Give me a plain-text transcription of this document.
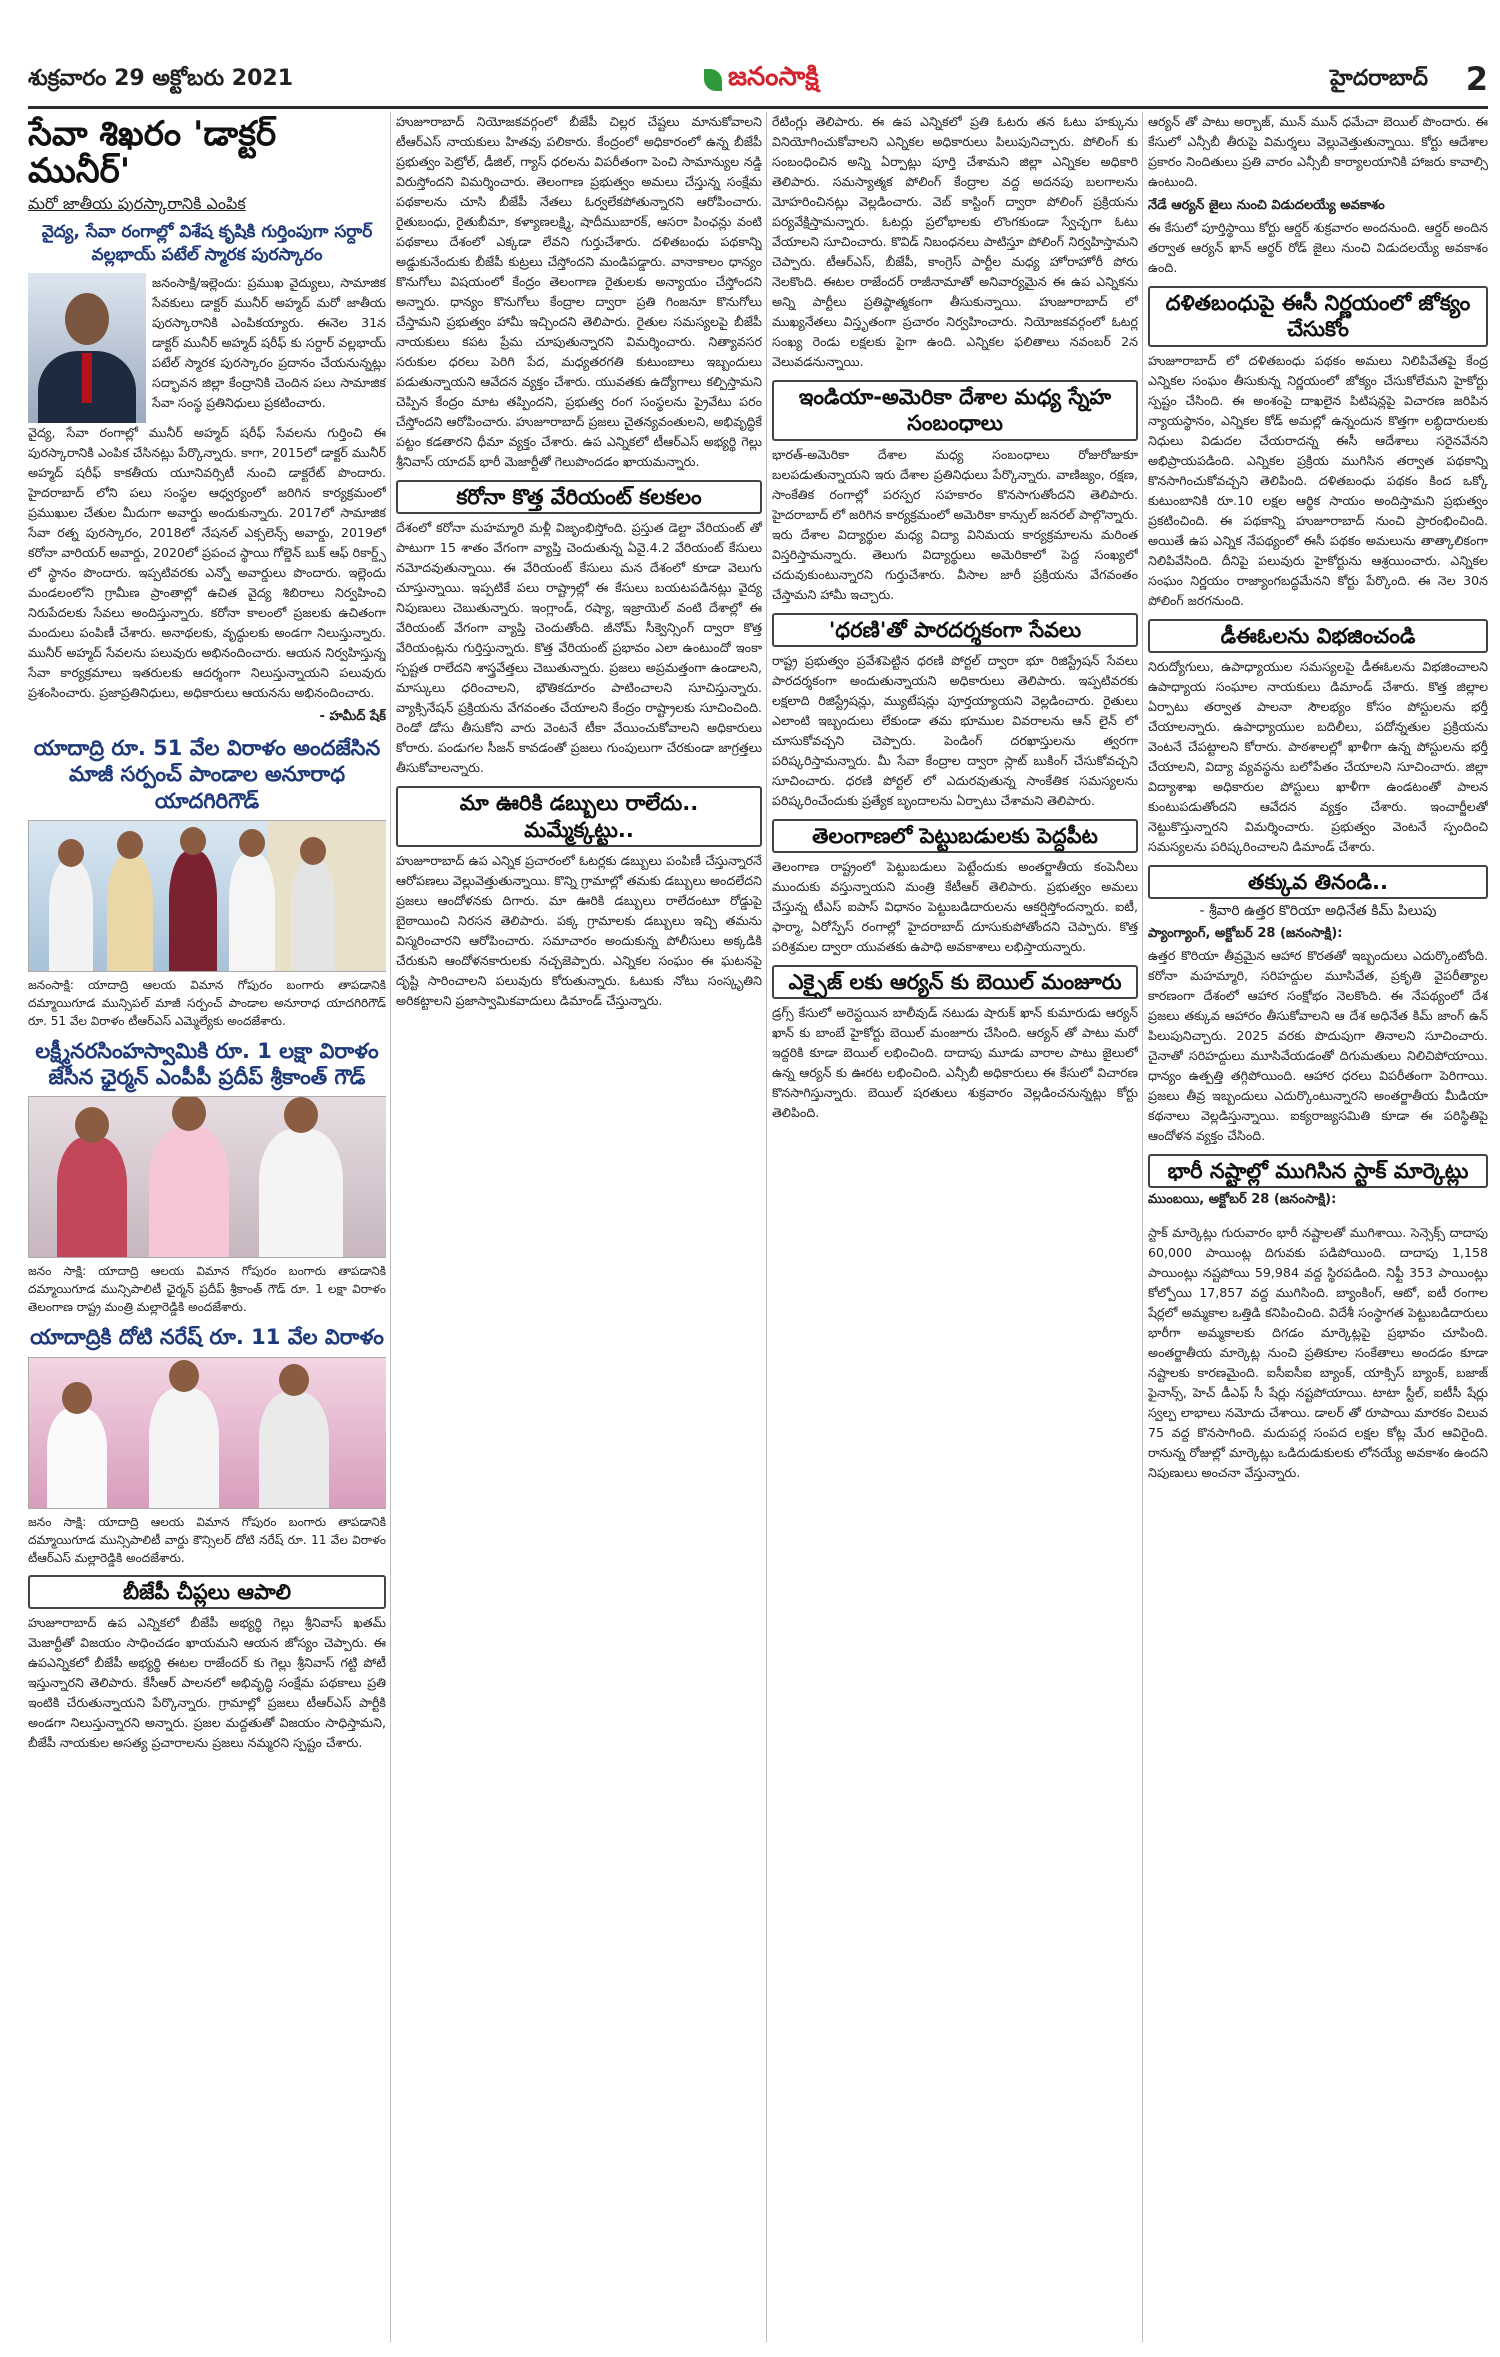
శుక్రవారం 29 అక్టోబరు 2021	జనంసాక్షి	హైదరాబాద్ 2
సేవా శిఖరం 'డాక్టర్ మునీర్'
మరో జాతీయ పురస్కారానికి ఎంపిక
వైద్య, సేవా రంగాల్లో విశేష కృషికి గుర్తింపుగా సర్దార్ వల్లభాయ్ పటేల్ స్మారక పురస్కారం
జనంసాక్షి/ఇల్లెందు: ప్రముఖ వైద్యులు, సామాజిక సేవకులు డాక్టర్ మునీర్ అహ్మద్ మరో జాతీయ పురస్కారానికి ఎంపికయ్యారు. ఈనెల 31న డాక్టర్ మునీర్ అహ్మద్ షరీఫ్ కు సర్దార్ వల్లభాయ్ పటేల్ స్మారక పురస్కారం ప్రదానం చేయనున్నట్లు సద్భావన జిల్లా కేంద్రానికి చెందిన పలు సామాజిక సేవా సంస్థ ప్రతినిధులు ప్రకటించారు.

వైద్య, సేవా రంగాల్లో మునీర్ అహ్మద్ షరీఫ్ సేవలను గుర్తించి ఈ పురస్కారానికి ఎంపిక చేసినట్లు పేర్కొన్నారు. కాగా, 2015లో డాక్టర్ మునీర్ అహ్మద్ షరీఫ్ కాకతీయ యూనివర్సిటీ నుంచి డాక్టరేట్ పొందారు. హైదరాబాద్ లోని పలు సంస్థల ఆధ్వర్యంలో జరిగిన కార్యక్రమంలో ప్రముఖుల చేతుల మీదుగా అవార్డు అందుకున్నారు. 2017లో సామాజిక సేవా రత్న పురస్కారం, 2018లో నేషనల్ ఎక్సలెన్స్ అవార్డు, 2019లో కరోనా వారియర్ అవార్డు, 2020లో ప్రపంచ స్థాయి గోల్డెన్ బుక్ ఆఫ్ రికార్డ్స్ లో స్థానం పొందారు. ఇప్పటివరకు ఎన్నో అవార్డులు పొందారు. ఇల్లెందు మండలంలోని గ్రామీణ ప్రాంతాల్లో ఉచిత వైద్య శిబిరాలు నిర్వహించి నిరుపేదలకు సేవలు అందిస్తున్నారు. కరోనా కాలంలో ప్రజలకు ఉచితంగా మందులు పంపిణీ చేశారు. అనాథలకు, వృద్ధులకు అండగా నిలుస్తున్నారు. మునీర్ అహ్మద్ సేవలను పలువురు అభినందించారు. ఆయన నిర్వహిస్తున్న సేవా కార్యక్రమాలు ఇతరులకు ఆదర్శంగా నిలుస్తున్నాయని పలువురు ప్రశంసించారు. ప్రజాప్రతినిధులు, అధికారులు ఆయనను అభినందించారు.

- హమీద్ షేక్
యాదాద్రి రూ. 51 వేల విరాళం అందజేసిన మాజీ సర్పంచ్ పాండాల అనూరాధ యాదగిరిగౌడ్

జనంసాక్షి: యాదాద్రి ఆలయ విమాన గోపురం బంగారు తాపడానికి దమ్మాయిగూడ మున్సిపల్ మాజీ సర్పంచ్ పాండాల అనూరాధ యాదగిరిగౌడ్ రూ. 51 వేల విరాళం టీఆర్ఎస్ ఎమ్మెల్యేకు అందజేశారు.

లక్ష్మీనరసింహస్వామికి రూ. 1 లక్షా విరాళం జేసిన ఛైర్మన్ ఎంపీపీ ప్రదీప్ శ్రీకాంత్ గౌడ్

జనం సాక్షి: యాదాద్రి ఆలయ విమాన గోపురం బంగారు తాపడానికి దమ్మాయిగూడ మున్సిపాలిటీ ఛైర్మన్ ప్రదీప్ శ్రీకాంత్ గౌడ్ రూ. 1 లక్షా విరాళం తెలంగాణ రాష్ట్ర మంత్రి మల్లారెడ్డికి అందజేశారు.

యాదాద్రికి దోటి నరేష్ రూ. 11 వేల విరాళం

జనం సాక్షి: యాదాద్రి ఆలయ విమాన గోపురం బంగారు తాపడానికి దమ్మాయిగూడ మున్సిపాలిటీ వార్డు కౌన్సిలర్ దోటి నరేష్ రూ. 11 వేల విరాళం టీఆర్ఎస్ మల్లారెడ్డికి అందజేశారు.

బీజేపీ చీప్లలు ఆపాలి

హుజూరాబాద్ ఉప ఎన్నికలో బీజేపీ అభ్యర్థి గెల్లు శ్రీనివాస్ ఖతమ్ మెజార్టీతో విజయం సాధించడం ఖాయమని ఆయన జోస్యం చెప్పారు. ఈ ఉపఎన్నికలో బీజేపీ అభ్యర్థి ఈటల రాజేందర్ కు గెల్లు శ్రీనివాస్ గట్టి పోటీ ఇస్తున్నారని తెలిపారు. కేసీఆర్ పాలనలో అభివృద్ధి సంక్షేమ పథకాలు ప్రతి ఇంటికి చేరుతున్నాయని పేర్కొన్నారు. గ్రామాల్లో ప్రజలు టీఆర్ఎస్ పార్టీకి అండగా నిలుస్తున్నారని అన్నారు. ప్రజల మద్దతుతో విజయం సాధిస్తామని, బీజేపీ నాయకుల అసత్య ప్రచారాలను ప్రజలు నమ్మరని స్పష్టం చేశారు.

హుజూరాబాద్ నియోజకవర్గంలో బీజేపీ చిల్లర చేష్టలు మానుకోవాలని టీఆర్ఎస్ నాయకులు హితవు పలికారు. కేంద్రంలో అధికారంలో ఉన్న బీజేపీ ప్రభుత్వం పెట్రోల్, డీజిల్, గ్యాస్ ధరలను విపరీతంగా పెంచి సామాన్యుల నడ్డి విరుస్తోందని విమర్శించారు. తెలంగాణ ప్రభుత్వం అమలు చేస్తున్న సంక్షేమ పథకాలను చూసి బీజేపీ నేతలు ఓర్వలేకపోతున్నారని ఆరోపించారు. రైతుబంధు, రైతుబీమా, కళ్యాణలక్ష్మి, షాదీముబారక్, ఆసరా పింఛన్లు వంటి పథకాలు దేశంలో ఎక్కడా లేవని గుర్తుచేశారు. దళితబంధు పథకాన్ని అడ్డుకునేందుకు బీజేపీ కుట్రలు చేస్తోందని మండిపడ్డారు. వానాకాలం ధాన్యం కొనుగోలు విషయంలో కేంద్రం తెలంగాణ రైతులకు అన్యాయం చేస్తోందని అన్నారు. ధాన్యం కొనుగోలు కేంద్రాల ద్వారా ప్రతి గింజనూ కొనుగోలు చేస్తామని ప్రభుత్వం హామీ ఇచ్చిందని తెలిపారు. రైతుల సమస్యలపై బీజేపీ నాయకులు కపట ప్రేమ చూపుతున్నారని విమర్శించారు. నిత్యావసర సరుకుల ధరలు పెరిగి పేద, మధ్యతరగతి కుటుంబాలు ఇబ్బందులు పడుతున్నాయని ఆవేదన వ్యక్తం చేశారు. యువతకు ఉద్యోగాలు కల్పిస్తామని చెప్పిన కేంద్రం మాట తప్పిందని, ప్రభుత్వ రంగ సంస్థలను ప్రైవేటు పరం చేస్తోందని ఆరోపించారు. హుజూరాబాద్ ప్రజలు చైతన్యవంతులని, అభివృద్ధికే పట్టం కడతారని ధీమా వ్యక్తం చేశారు. ఉప ఎన్నికలో టీఆర్ఎస్ అభ్యర్థి గెల్లు శ్రీనివాస్ యాదవ్ భారీ మెజార్టీతో గెలుపొందడం ఖాయమన్నారు.

కరోనా కొత్త వేరియంట్ కలకలం

దేశంలో కరోనా మహమ్మారి మళ్లీ విజృంభిస్తోంది. ప్రస్తుత డెల్టా వేరియంట్ తో పాటుగా 15 శాతం వేగంగా వ్యాప్తి చెందుతున్న ఏవై.4.2 వేరియంట్ కేసులు నమోదవుతున్నాయి. ఈ వేరియంట్ కేసులు మన దేశంలో కూడా వెలుగు చూస్తున్నాయి. ఇప్పటికే పలు రాష్ట్రాల్లో ఈ కేసులు బయటపడినట్లు వైద్య నిపుణులు చెబుతున్నారు. ఇంగ్లాండ్, రష్యా, ఇజ్రాయెల్ వంటి దేశాల్లో ఈ వేరియంట్ వేగంగా వ్యాప్తి చెందుతోంది. జీనోమ్ సీక్వెన్సింగ్ ద్వారా కొత్త వేరియంట్లను గుర్తిస్తున్నారు. కొత్త వేరియంట్ ప్రభావం ఎలా ఉంటుందో ఇంకా స్పష్టత రాలేదని శాస్త్రవేత్తలు చెబుతున్నారు. ప్రజలు అప్రమత్తంగా ఉండాలని, మాస్కులు ధరించాలని, భౌతికదూరం పాటించాలని సూచిస్తున్నారు. వ్యాక్సినేషన్ ప్రక్రియను వేగవంతం చేయాలని కేంద్రం రాష్ట్రాలకు సూచించింది. రెండో డోసు తీసుకోని వారు వెంటనే టీకా వేయించుకోవాలని అధికారులు కోరారు. పండుగల సీజన్ కావడంతో ప్రజలు గుంపులుగా చేరకుండా జాగ్రత్తలు తీసుకోవాలన్నారు.

మా ఊరికి డబ్బులు రాలేదు.. మమ్మేక్కట్టు..

హుజూరాబాద్ ఉప ఎన్నిక ప్రచారంలో ఓటర్లకు డబ్బులు పంపిణీ చేస్తున్నారనే ఆరోపణలు వెల్లువెత్తుతున్నాయి. కొన్ని గ్రామాల్లో తమకు డబ్బులు అందలేదని ప్రజలు ఆందోళనకు దిగారు. మా ఊరికి డబ్బులు రాలేదంటూ రోడ్డుపై బైఠాయించి నిరసన తెలిపారు. పక్క గ్రామాలకు డబ్బులు ఇచ్చి తమను విస్మరించారని ఆరోపించారు. సమాచారం అందుకున్న పోలీసులు అక్కడికి చేరుకుని ఆందోళనకారులకు నచ్చజెప్పారు. ఎన్నికల సంఘం ఈ ఘటనపై దృష్టి సారించాలని పలువురు కోరుతున్నారు. ఓటుకు నోటు సంస్కృతిని అరికట్టాలని ప్రజాస్వామికవాదులు డిమాండ్ చేస్తున్నారు.

రేటింగ్లు తెలిపారు. ఈ ఉప ఎన్నికలో ప్రతి ఓటరు తన ఓటు హక్కును వినియోగించుకోవాలని ఎన్నికల అధికారులు పిలుపునిచ్చారు. పోలింగ్ కు సంబంధించిన అన్ని ఏర్పాట్లు పూర్తి చేశామని జిల్లా ఎన్నికల అధికారి తెలిపారు. సమస్యాత్మక పోలింగ్ కేంద్రాల వద్ద అదనపు బలగాలను మోహరించినట్లు వెల్లడించారు. వెబ్ కాస్టింగ్ ద్వారా పోలింగ్ ప్రక్రియను పర్యవేక్షిస్తామన్నారు. ఓటర్లు ప్రలోభాలకు లొంగకుండా స్వేచ్ఛగా ఓటు వేయాలని సూచించారు. కొవిడ్ నిబంధనలు పాటిస్తూ పోలింగ్ నిర్వహిస్తామని చెప్పారు. టీఆర్ఎస్, బీజేపీ, కాంగ్రెస్ పార్టీల మధ్య హోరాహోరీ పోరు నెలకొంది. ఈటల రాజేందర్ రాజీనామాతో అనివార్యమైన ఈ ఉప ఎన్నికను అన్ని పార్టీలు ప్రతిష్ఠాత్మకంగా తీసుకున్నాయి. హుజూరాబాద్ లో ముఖ్యనేతలు విస్తృతంగా ప్రచారం నిర్వహించారు. నియోజకవర్గంలో ఓటర్ల సంఖ్య రెండు లక్షలకు పైగా ఉంది. ఎన్నికల ఫలితాలు నవంబర్ 2న వెలువడనున్నాయి.

ఇండియా-అమెరికా దేశాల మధ్య స్నేహ సంబంధాలు

భారత్-అమెరికా దేశాల మధ్య సంబంధాలు రోజురోజుకూ బలపడుతున్నాయని ఇరు దేశాల ప్రతినిధులు పేర్కొన్నారు. వాణిజ్యం, రక్షణ, సాంకేతిక రంగాల్లో పరస్పర సహకారం కొనసాగుతోందని తెలిపారు. హైదరాబాద్ లో జరిగిన కార్యక్రమంలో అమెరికా కాన్సుల్ జనరల్ పాల్గొన్నారు. ఇరు దేశాల విద్యార్థుల మధ్య విద్యా వినిమయ కార్యక్రమాలను మరింత విస్తరిస్తామన్నారు. తెలుగు విద్యార్థులు అమెరికాలో పెద్ద సంఖ్యలో చదువుకుంటున్నారని గుర్తుచేశారు. వీసాల జారీ ప్రక్రియను వేగవంతం చేస్తామని హామీ ఇచ్చారు.

'ధరణి'తో పారదర్శకంగా సేవలు

రాష్ట్ర ప్రభుత్వం ప్రవేశపెట్టిన ధరణి పోర్టల్ ద్వారా భూ రిజిస్ట్రేషన్ సేవలు పారదర్శకంగా అందుతున్నాయని అధికారులు తెలిపారు. ఇప్పటివరకు లక్షలాది రిజిస్ట్రేషన్లు, మ్యుటేషన్లు పూర్తయ్యాయని వెల్లడించారు. రైతులు ఎలాంటి ఇబ్బందులు లేకుండా తమ భూముల వివరాలను ఆన్ లైన్ లో చూసుకోవచ్చని చెప్పారు. పెండింగ్ దరఖాస్తులను త్వరగా పరిష్కరిస్తామన్నారు. మీ సేవా కేంద్రాల ద్వారా స్లాట్ బుకింగ్ చేసుకోవచ్చని సూచించారు. ధరణి పోర్టల్ లో ఎదురవుతున్న సాంకేతిక సమస్యలను పరిష్కరించేందుకు ప్రత్యేక బృందాలను ఏర్పాటు చేశామని తెలిపారు.

తెలంగాణలో పెట్టుబడులకు పెద్దపీట

తెలంగాణ రాష్ట్రంలో పెట్టుబడులు పెట్టేందుకు అంతర్జాతీయ కంపెనీలు ముందుకు వస్తున్నాయని మంత్రి కేటీఆర్ తెలిపారు. ప్రభుత్వం అమలు చేస్తున్న టీఎస్ ఐపాస్ విధానం పెట్టుబడిదారులను ఆకర్షిస్తోందన్నారు. ఐటీ, ఫార్మా, ఏరోస్పేస్ రంగాల్లో హైదరాబాద్ దూసుకుపోతోందని చెప్పారు. కొత్త పరిశ్రమల ద్వారా యువతకు ఉపాధి అవకాశాలు లభిస్తాయన్నారు.

ఎక్సైజ్ లకు ఆర్యన్ కు బెయిల్ మంజూరు

డ్రగ్స్ కేసులో అరెస్టయిన బాలీవుడ్ నటుడు షారుక్ ఖాన్ కుమారుడు ఆర్యన్ ఖాన్ కు బాంబే హైకోర్టు బెయిల్ మంజూరు చేసింది. ఆర్యన్ తో పాటు మరో ఇద్దరికి కూడా బెయిల్ లభించింది. దాదాపు మూడు వారాల పాటు జైలులో ఉన్న ఆర్యన్ కు ఊరట లభించింది. ఎన్సీబీ అధికారులు ఈ కేసులో విచారణ కొనసాగిస్తున్నారు. బెయిల్ షరతులు శుక్రవారం వెల్లడించనున్నట్లు కోర్టు తెలిపింది.

ఆర్యన్ తో పాటు అర్బాజ్, మున్ మున్ ధమేచా బెయిల్ పొందారు. ఈ కేసులో ఎన్సీబీ తీరుపై విమర్శలు వెల్లువెత్తుతున్నాయి. కోర్టు ఆదేశాల ప్రకారం నిందితులు ప్రతి వారం ఎన్సీబీ కార్యాలయానికి హాజరు కావాల్సి ఉంటుంది.

నేడే ఆర్యన్ జైలు నుంచి విడుదలయ్యే అవకాశం

ఈ కేసులో పూర్తిస్థాయి కోర్టు ఆర్డర్ శుక్రవారం అందనుంది. ఆర్డర్ అందిన తర్వాత ఆర్యన్ ఖాన్ ఆర్థర్ రోడ్ జైలు నుంచి విడుదలయ్యే అవకాశం ఉంది.

దళితబంధుపై ఈసీ నిర్ణయంలో జోక్యం చేసుకోం

హుజూరాబాద్ లో దళితబంధు పథకం అమలు నిలిపివేతపై కేంద్ర ఎన్నికల సంఘం తీసుకున్న నిర్ణయంలో జోక్యం చేసుకోలేమని హైకోర్టు స్పష్టం చేసింది. ఈ అంశంపై దాఖలైన పిటిషన్లపై విచారణ జరిపిన న్యాయస్థానం, ఎన్నికల కోడ్ అమల్లో ఉన్నందున కొత్తగా లబ్ధిదారులకు నిధులు విడుదల చేయరాదన్న ఈసీ ఆదేశాలు సరైనవేనని అభిప్రాయపడింది. ఎన్నికల ప్రక్రియ ముగిసిన తర్వాత పథకాన్ని కొనసాగించుకోవచ్చని తెలిపింది. దళితబంధు పథకం కింద ఒక్కో కుటుంబానికి రూ.10 లక్షల ఆర్థిక సాయం అందిస్తామని ప్రభుత్వం ప్రకటించింది. ఈ పథకాన్ని హుజూరాబాద్ నుంచి ప్రారంభించింది. అయితే ఉప ఎన్నిక నేపథ్యంలో ఈసీ పథకం అమలును తాత్కాలికంగా నిలిపివేసింది. దీనిపై పలువురు హైకోర్టును ఆశ్రయించారు. ఎన్నికల సంఘం నిర్ణయం రాజ్యాంగబద్ధమేనని కోర్టు పేర్కొంది. ఈ నెల 30న పోలింగ్ జరగనుంది.

డీఈఓలను విభజించండి

నిరుద్యోగులు, ఉపాధ్యాయుల సమస్యలపై డీఈఓలను విభజించాలని ఉపాధ్యాయ సంఘాల నాయకులు డిమాండ్ చేశారు. కొత్త జిల్లాల ఏర్పాటు తర్వాత పాలనా సౌలభ్యం కోసం పోస్టులను భర్తీ చేయాలన్నారు. ఉపాధ్యాయుల బదిలీలు, పదోన్నతుల ప్రక్రియను వెంటనే చేపట్టాలని కోరారు. పాఠశాలల్లో ఖాళీగా ఉన్న పోస్టులను భర్తీ చేయాలని, విద్యా వ్యవస్థను బలోపేతం చేయాలని సూచించారు. జిల్లా విద్యాశాఖ అధికారుల పోస్టులు ఖాళీగా ఉండటంతో పాలన కుంటుపడుతోందని ఆవేదన వ్యక్తం చేశారు. ఇంచార్జీలతో నెట్టుకొస్తున్నారని విమర్శించారు. ప్రభుత్వం వెంటనే స్పందించి సమస్యలను పరిష్కరించాలని డిమాండ్ చేశారు.

తక్కువ తినండి..
- శ్రీవారి ఉత్తర కొరియా అధినేత కిమ్ పిలుపు
ప్యాంగ్యాంగ్, అక్టోబర్ 28 (జనంసాక్షి):

ఉత్తర కొరియా తీవ్రమైన ఆహార కొరతతో ఇబ్బందులు ఎదుర్కొంటోంది. కరోనా మహమ్మారి, సరిహద్దుల మూసివేత, ప్రకృతి వైపరీత్యాల కారణంగా దేశంలో ఆహార సంక్షోభం నెలకొంది. ఈ నేపథ్యంలో దేశ ప్రజలు తక్కువ ఆహారం తీసుకోవాలని ఆ దేశ అధినేత కిమ్ జాంగ్ ఉన్ పిలుపునిచ్చారు. 2025 వరకు పొదుపుగా తినాలని సూచించారు. చైనాతో సరిహద్దులు మూసివేయడంతో దిగుమతులు నిలిచిపోయాయి. ధాన్యం ఉత్పత్తి తగ్గిపోయింది. ఆహార ధరలు విపరీతంగా పెరిగాయి. ప్రజలు తీవ్ర ఇబ్బందులు ఎదుర్కొంటున్నారని అంతర్జాతీయ మీడియా కథనాలు వెల్లడిస్తున్నాయి. ఐక్యరాజ్యసమితి కూడా ఈ పరిస్థితిపై ఆందోళన వ్యక్తం చేసింది.

భారీ నష్టాల్లో ముగిసిన స్టాక్ మార్కెట్లు
ముంబయి, అక్టోబర్ 28 (జనంసాక్షి):

స్టాక్ మార్కెట్లు గురువారం భారీ నష్టాలతో ముగిశాయి. సెన్సెక్స్ దాదాపు 60,000 పాయింట్ల దిగువకు పడిపోయింది. దాదాపు 1,158 పాయింట్లు నష్టపోయి 59,984 వద్ద స్థిరపడింది. నిఫ్టీ 353 పాయింట్లు కోల్పోయి 17,857 వద్ద ముగిసింది. బ్యాంకింగ్, ఆటో, ఐటీ రంగాల షేర్లలో అమ్మకాల ఒత్తిడి కనిపించింది. విదేశీ సంస్థాగత పెట్టుబడిదారులు భారీగా అమ్మకాలకు దిగడం మార్కెట్లపై ప్రభావం చూపింది. అంతర్జాతీయ మార్కెట్ల నుంచి ప్రతికూల సంకేతాలు అందడం కూడా నష్టాలకు కారణమైంది. ఐసీఐసీఐ బ్యాంక్, యాక్సిస్ బ్యాంక్, బజాజ్ ఫైనాన్స్, హెచ్ డీఎఫ్ సీ షేర్లు నష్టపోయాయి. టాటా స్టీల్, ఐటీసీ షేర్లు స్వల్ప లాభాలు నమోదు చేశాయి. డాలర్ తో రూపాయి మారకం విలువ 75 వద్ద కొనసాగింది. మదుపర్ల సంపద లక్షల కోట్ల మేర ఆవిరైంది. రానున్న రోజుల్లో మార్కెట్లు ఒడిదుడుకులకు లోనయ్యే అవకాశం ఉందని నిపుణులు అంచనా వేస్తున్నారు.
